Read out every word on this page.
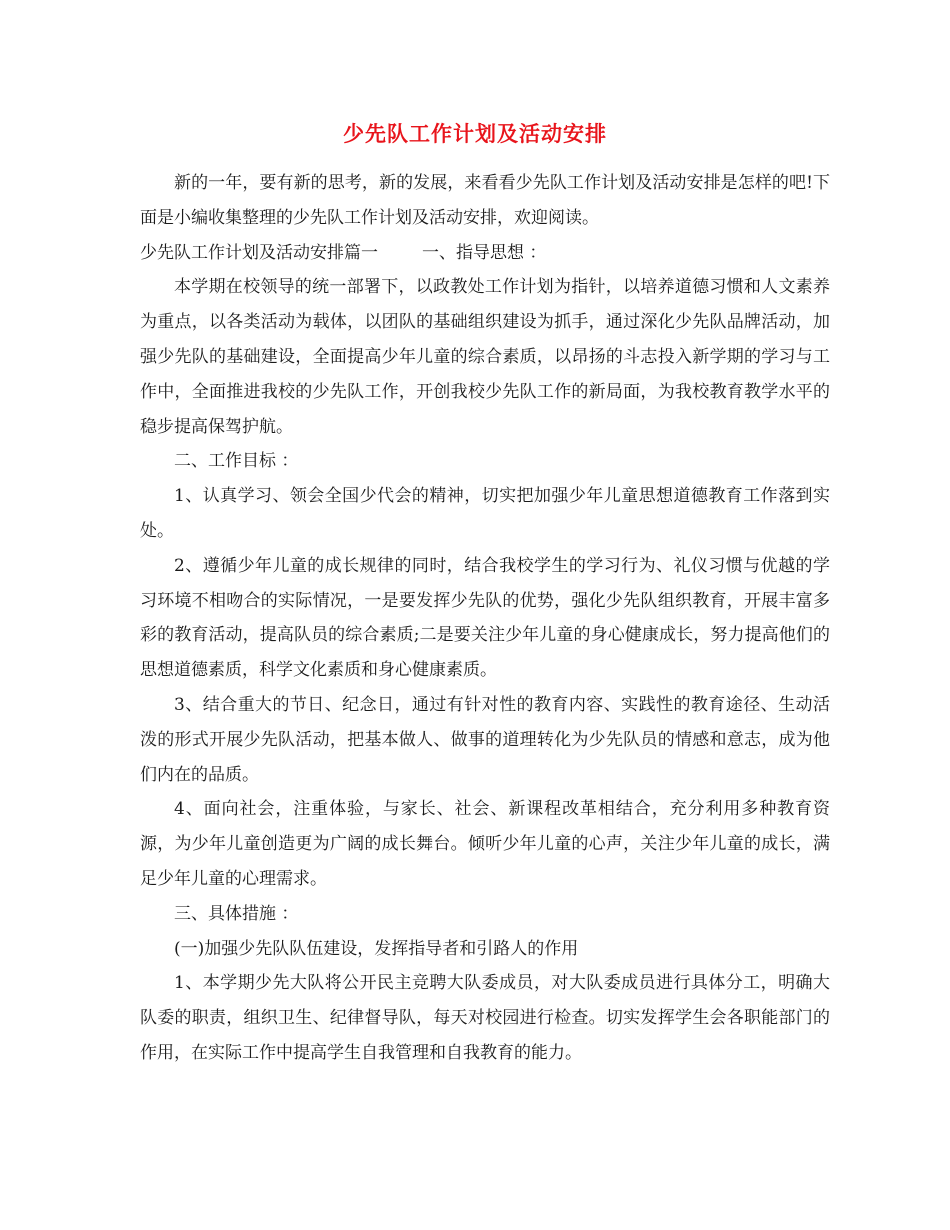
少先队工作计划及活动安排

新的一年，要有新的思考，新的发展，来看看少先队工作计划及活动安排是怎样的吧!下面是小编收集整理的少先队工作计划及活动安排，欢迎阅读。

少先队工作计划及活动安排篇一	一、指导思想 ：

本学期在校领导的统一部署下，以政教处工作计划为指针，以培养道德习惯和人文素养为重点，以各类活动为载体，以团队的基础组织建设为抓手，通过深化少先队品牌活动，加强少先队的基础建设，全面提高少年儿童的综合素质，以昂扬的斗志投入新学期的学习与工作中，全面推进我校的少先队工作，开创我校少先队工作的新局面，为我校教育教学水平的稳步提高保驾护航。

二、工作目标 ：

1、认真学习、领会全国少代会的精神，切实把加强少年儿童思想道德教育工作落到实处。

2、遵循少年儿童的成长规律的同时，结合我校学生的学习行为、礼仪习惯与优越的学习环境不相吻合的实际情况，一是要发挥少先队的优势，强化少先队组织教育，开展丰富多彩的教育活动，提高队员的综合素质;二是要关注少年儿童的身心健康成长，努力提高他们的思想道德素质，科学文化素质和身心健康素质。

3、结合重大的节日、纪念日，通过有针对性的教育内容、实践性的教育途径、生动活泼的形式开展少先队活动，把基本做人、做事的道理转化为少先队员的情感和意志，成为他们内在的品质。

4、面向社会，注重体验，与家长、社会、新课程改革相结合，充分利用多种教育资源，为少年儿童创造更为广阔的成长舞台。倾听少年儿童的心声，关注少年儿童的成长，满足少年儿童的心理需求。

三、具体措施 ：

(一)加强少先队队伍建设，发挥指导者和引路人的作用

1、本学期少先大队将公开民主竞聘大队委成员，对大队委成员进行具体分工，明确大队委的职责，组织卫生、纪律督导队，每天对校园进行检查。切实发挥学生会各职能部门的作用，在实际工作中提高学生自我管理和自我教育的能力。
